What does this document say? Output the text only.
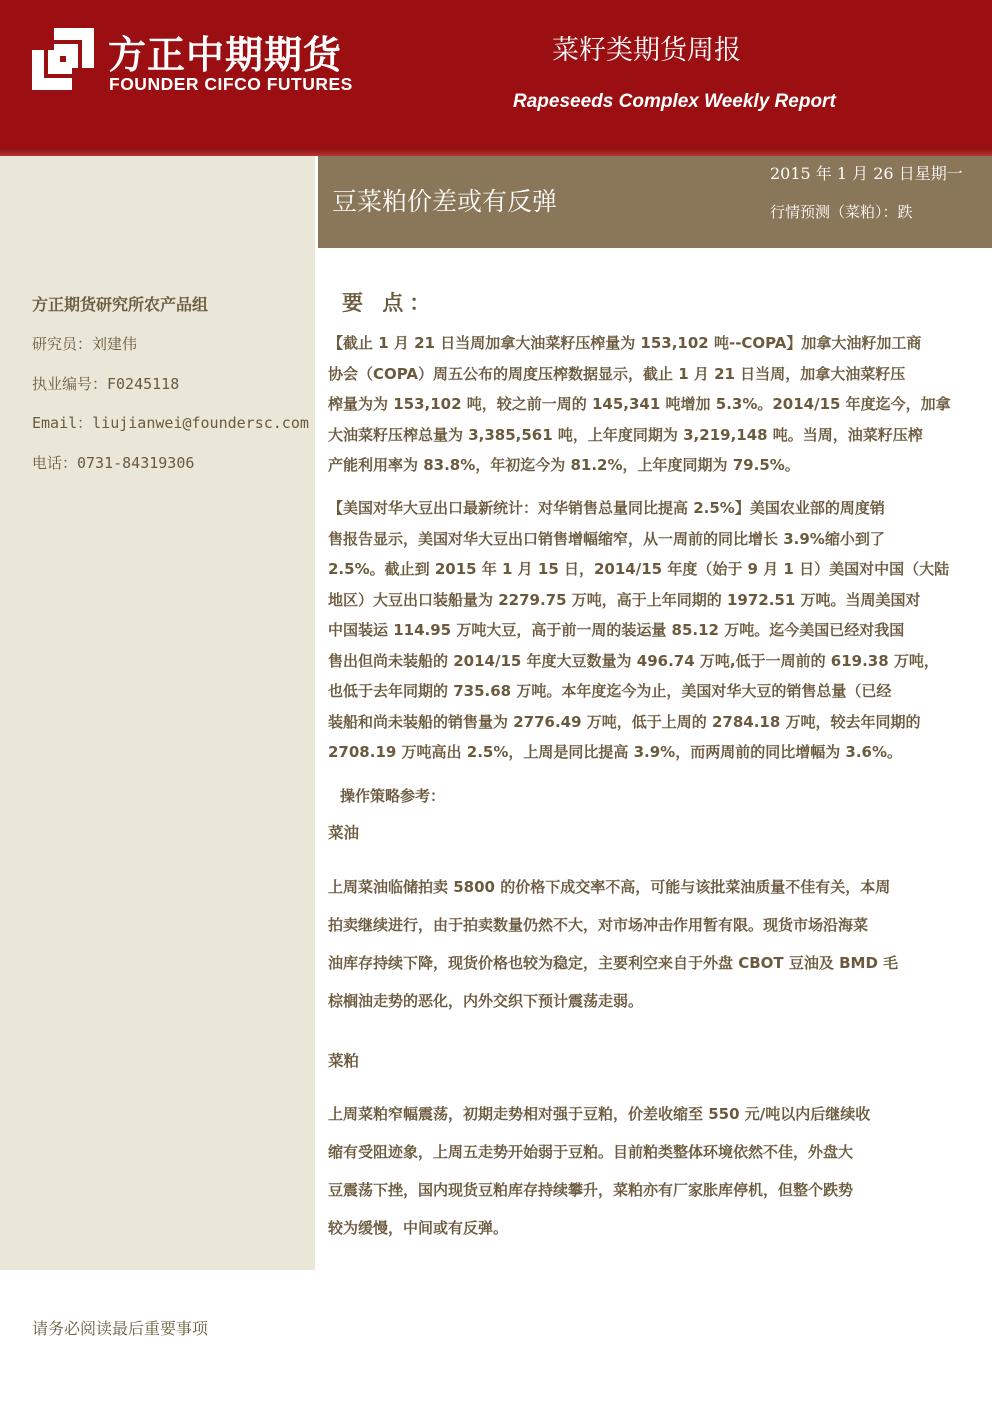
方正中期期货
FOUNDER CIFCO FUTURES
菜籽类期货周报
Rapeseeds Complex Weekly Report
方正期货研究所农产品组
研究员：刘建伟
执业编号：F0245118
Email：liujianwei@foundersc.com
电话：0731-84319306
豆菜粕价差或有反弹
2015 年 1 月 26 日星期一
行情预测（菜粕）：跌
要 点：
【截止 1 月 21 日当周加拿大油菜籽压榨量为 153,102 吨--COPA】加拿大油籽加工商
协会（COPA）周五公布的周度压榨数据显示，截止 1 月 21 日当周，加拿大油菜籽压
榨量为为 153,102 吨，较之前一周的 145,341 吨增加 5.3%。2014/15 年度迄今，加拿
大油菜籽压榨总量为 3,385,561 吨，上年度同期为 3,219,148 吨。当周，油菜籽压榨
产能利用率为 83.8%，年初迄今为 81.2%，上年度同期为 79.5%。
【美国对华大豆出口最新统计：对华销售总量同比提高 2.5%】美国农业部的周度销
售报告显示，美国对华大豆出口销售增幅缩窄，从一周前的同比增长 3.9%缩小到了
2.5%。截止到 2015 年 1 月 15 日，2014/15 年度（始于 9 月 1 日）美国对中国（大陆
地区）大豆出口装船量为 2279.75 万吨，高于上年同期的 1972.51 万吨。当周美国对
中国装运 114.95 万吨大豆，高于前一周的装运量 85.12 万吨。迄今美国已经对我国
售出但尚未装船的 2014/15 年度大豆数量为 496.74 万吨,低于一周前的 619.38 万吨，
也低于去年同期的 735.68 万吨。本年度迄今为止，美国对华大豆的销售总量（已经
装船和尚未装船的销售量为 2776.49 万吨，低于上周的 2784.18 万吨，较去年同期的
2708.19 万吨高出 2.5%，上周是同比提高 3.9%，而两周前的同比增幅为 3.6%。
操作策略参考：
菜油
上周菜油临储拍卖 5800 的价格下成交率不高，可能与该批菜油质量不佳有关，本周
拍卖继续进行，由于拍卖数量仍然不大，对市场冲击作用暂有限。现货市场沿海菜
油库存持续下降，现货价格也较为稳定，主要利空来自于外盘 CBOT 豆油及 BMD 毛
棕榈油走势的恶化，内外交织下预计震荡走弱。
菜粕
上周菜粕窄幅震荡，初期走势相对强于豆粕，价差收缩至 550 元/吨以内后继续收
缩有受阻迹象，上周五走势开始弱于豆粕。目前粕类整体环境依然不佳，外盘大
豆震荡下挫，国内现货豆粕库存持续攀升，菜粕亦有厂家胀库停机，但整个跌势
较为缓慢，中间或有反弹。
请务必阅读最后重要事项
